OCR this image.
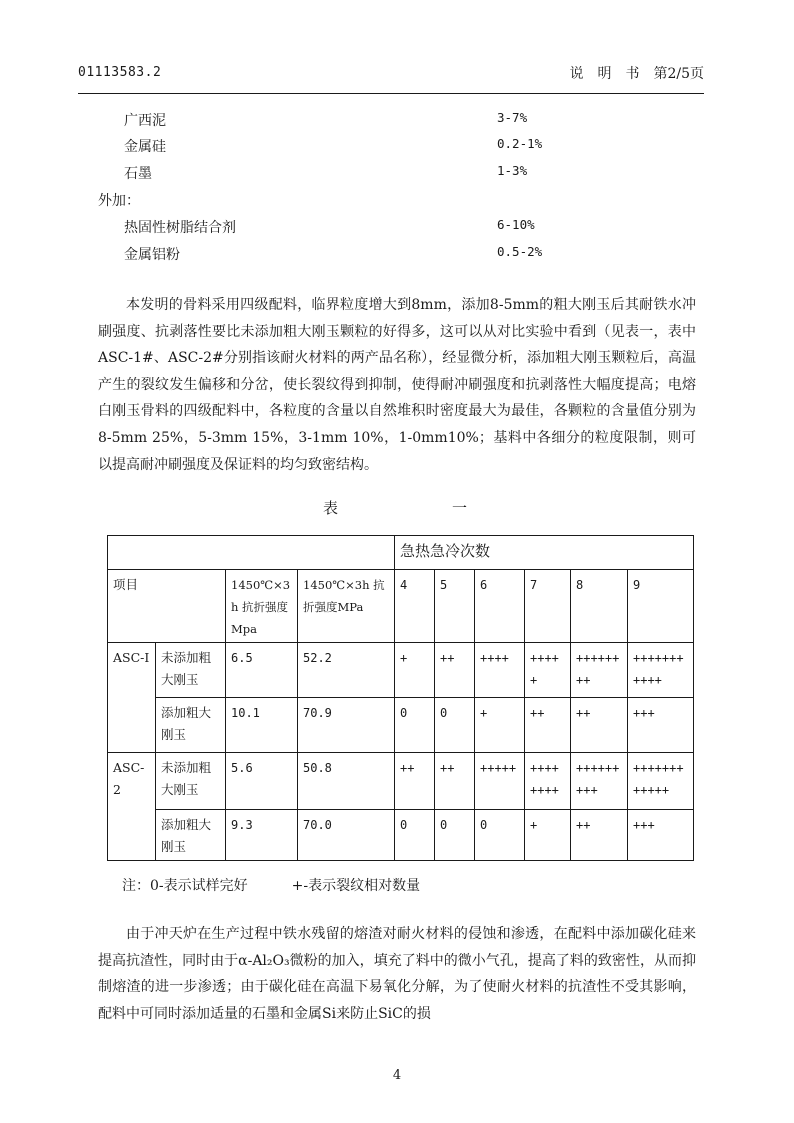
01113583.2	说 明 书 第2/5页
广西泥	3-7%
金属硅	0.2-1%
石墨	1-3%
外加：
热固性树脂结合剂	6-10%
金属铝粉	0.5-2%
本发明的骨料采用四级配料，临界粒度增大到8mm，添加8-5mm的粗大刚玉后其耐铁水冲刷强度、抗剥落性要比未添加粗大刚玉颗粒的好得多，这可以从对比实验中看到（见表一，表中ASC-1#、ASC-2#分别指该耐火材料的两产品名称），经显微分析，添加粗大刚玉颗粒后，高温产生的裂纹发生偏移和分岔，使长裂纹得到抑制，使得耐冲刷强度和抗剥落性大幅度提高；电熔白刚玉骨料的四级配料中，各粒度的含量以自然堆积时密度最大为最佳，各颗粒的含量值分别为8-5mm 25%，5-3mm 15%，3-1mm 10%，1-0mm10%；基料中各细分的粒度限制，则可以提高耐冲刷强度及保证料的均匀致密结构。
表	一
				急热急冷次数					
项目		1450℃×3h 抗折强度Mpa	1450℃×3h 抗折强度MPa	4	5	6	7	8	9
ASC-I	未添加粗大刚玉	6.5	52.2	+	++	++++	+++++	++++++++	+++++++++++
	添加粗大刚玉	10.1	70.9	0	0	+	++	++	+++
ASC-2	未添加粗大刚玉	5.6	50.8	++	++	+++++	++++++++	+++++++++	++++++++++++
	添加粗大刚玉	9.3	70.0	0	0	0	+	++	+++
注：0-表示试样完好	+-表示裂纹相对数量
由于冲天炉在生产过程中铁水残留的熔渣对耐火材料的侵蚀和渗透，在配料中添加碳化硅来提高抗渣性，同时由于α-Al₂O₃微粉的加入，填充了料中的微小气孔，提高了料的致密性，从而抑制熔渣的进一步渗透；由于碳化硅在高温下易氧化分解，为了使耐火材料的抗渣性不受其影响，配料中可同时添加适量的石墨和金属Si来防止SiC的损
4
